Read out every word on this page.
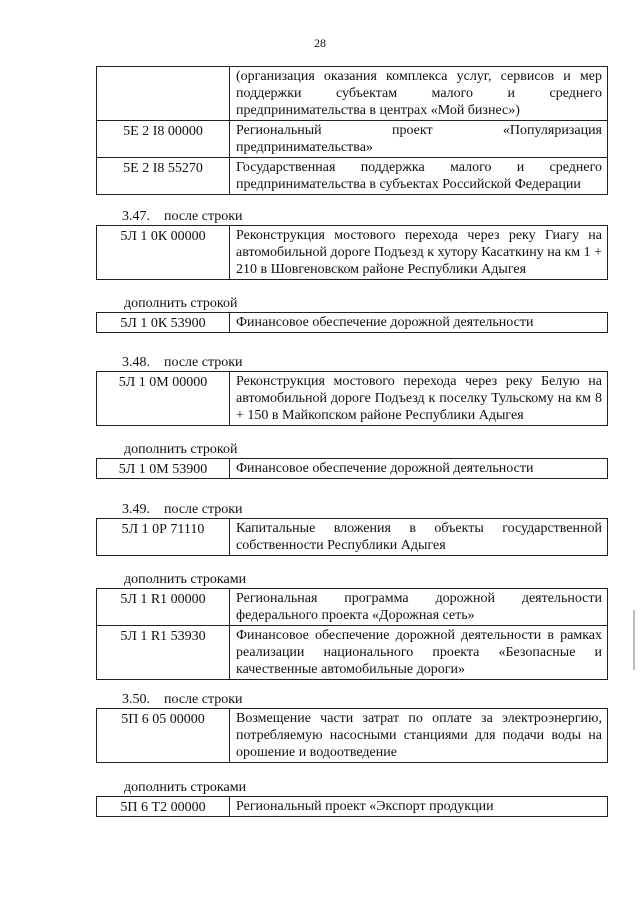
28
	(организация оказания комплекса услуг, сервисов и мер поддержки субъектам малого и среднего предпринимательства в центрах «Мой бизнес»)
5Е 2 I8 00000	Региональный проект «Популяризация предпринимательства»
5Е 2 I8 55270	Государственная поддержка малого и среднего предпринимательства в субъектах Российской Федерации
3.47. после строки
5Л 1 0К 00000	Реконструкция мостового перехода через реку Гиагу на автомобильной дороге Подъезд к хутору Касаткину на км 1 + 210 в Шовгеновском районе Республики Адыгея
дополнить строкой
5Л 1 0К 53900	Финансовое обеспечение дорожной деятельности
3.48. после строки
5Л 1 0М 00000	Реконструкция мостового перехода через реку Белую на автомобильной дороге Подъезд к поселку Тульскому на км 8 + 150 в Майкопском районе Республики Адыгея
дополнить строкой
5Л 1 0М 53900	Финансовое обеспечение дорожной деятельности
3.49. после строки
5Л 1 0Р 71110	Капитальные вложения в объекты государственной собственности Республики Адыгея
дополнить строками
5Л 1 R1 00000	Региональная программа дорожной деятельности федерального проекта «Дорожная сеть»
5Л 1 R1 53930	Финансовое обеспечение дорожной деятельности в рамках реализации национального проекта «Безопасные и качественные автомобильные дороги»
3.50. после строки
5П 6 05 00000	Возмещение части затрат по оплате за электроэнергию, потребляемую насосными станциями для подачи воды на орошение и водоотведение
дополнить строками
5П 6 Т2 00000	Региональный проект «Экспорт продукции
